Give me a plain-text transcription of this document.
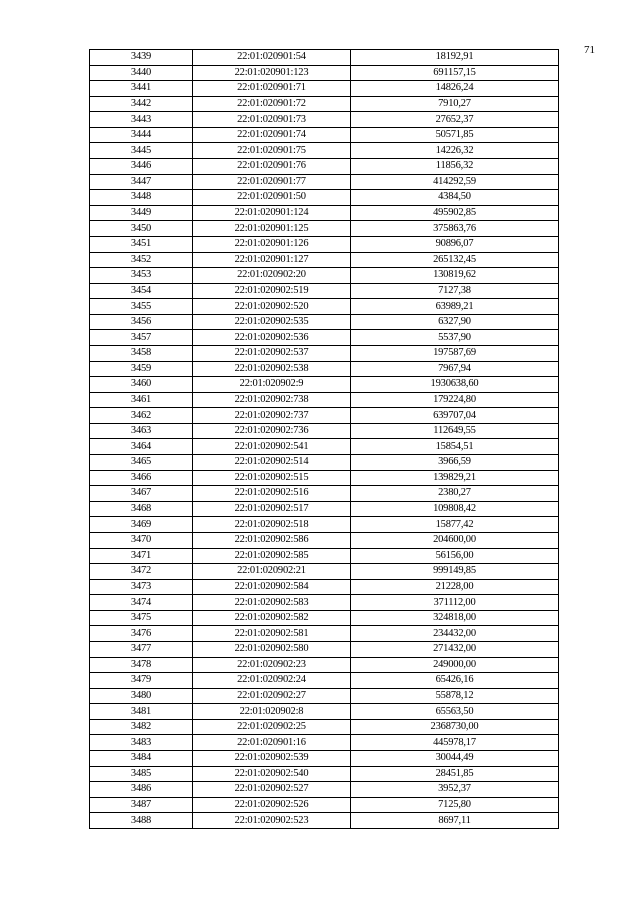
71
3439	22:01:020901:54	18192,91
3440	22:01:020901:123	691157,15
3441	22:01:020901:71	14826,24
3442	22:01:020901:72	7910,27
3443	22:01:020901:73	27652,37
3444	22:01:020901:74	50571,85
3445	22:01:020901:75	14226,32
3446	22:01:020901:76	11856,32
3447	22:01:020901:77	414292,59
3448	22:01:020901:50	4384,50
3449	22:01:020901:124	495902,85
3450	22:01:020901:125	375863,76
3451	22:01:020901:126	90896,07
3452	22:01:020901:127	265132,45
3453	22:01:020902:20	130819,62
3454	22:01:020902:519	7127,38
3455	22:01:020902:520	63989,21
3456	22:01:020902:535	6327,90
3457	22:01:020902:536	5537,90
3458	22:01:020902:537	197587,69
3459	22:01:020902:538	7967,94
3460	22:01:020902:9	1930638,60
3461	22:01:020902:738	179224,80
3462	22:01:020902:737	639707,04
3463	22:01:020902:736	112649,55
3464	22:01:020902:541	15854,51
3465	22:01:020902:514	3966,59
3466	22:01:020902:515	139829,21
3467	22:01:020902:516	2380,27
3468	22:01:020902:517	109808,42
3469	22:01:020902:518	15877,42
3470	22:01:020902:586	204600,00
3471	22:01:020902:585	56156,00
3472	22:01:020902:21	999149,85
3473	22:01:020902:584	21228,00
3474	22:01:020902:583	371112,00
3475	22:01:020902:582	324818,00
3476	22:01:020902:581	234432,00
3477	22:01:020902:580	271432,00
3478	22:01:020902:23	249000,00
3479	22:01:020902:24	65426,16
3480	22:01:020902:27	55878,12
3481	22:01:020902:8	65563,50
3482	22:01:020902:25	2368730,00
3483	22:01:020901:16	445978,17
3484	22:01:020902:539	30044,49
3485	22:01:020902:540	28451,85
3486	22:01:020902:527	3952,37
3487	22:01:020902:526	7125,80
3488	22:01:020902:523	8697,11
